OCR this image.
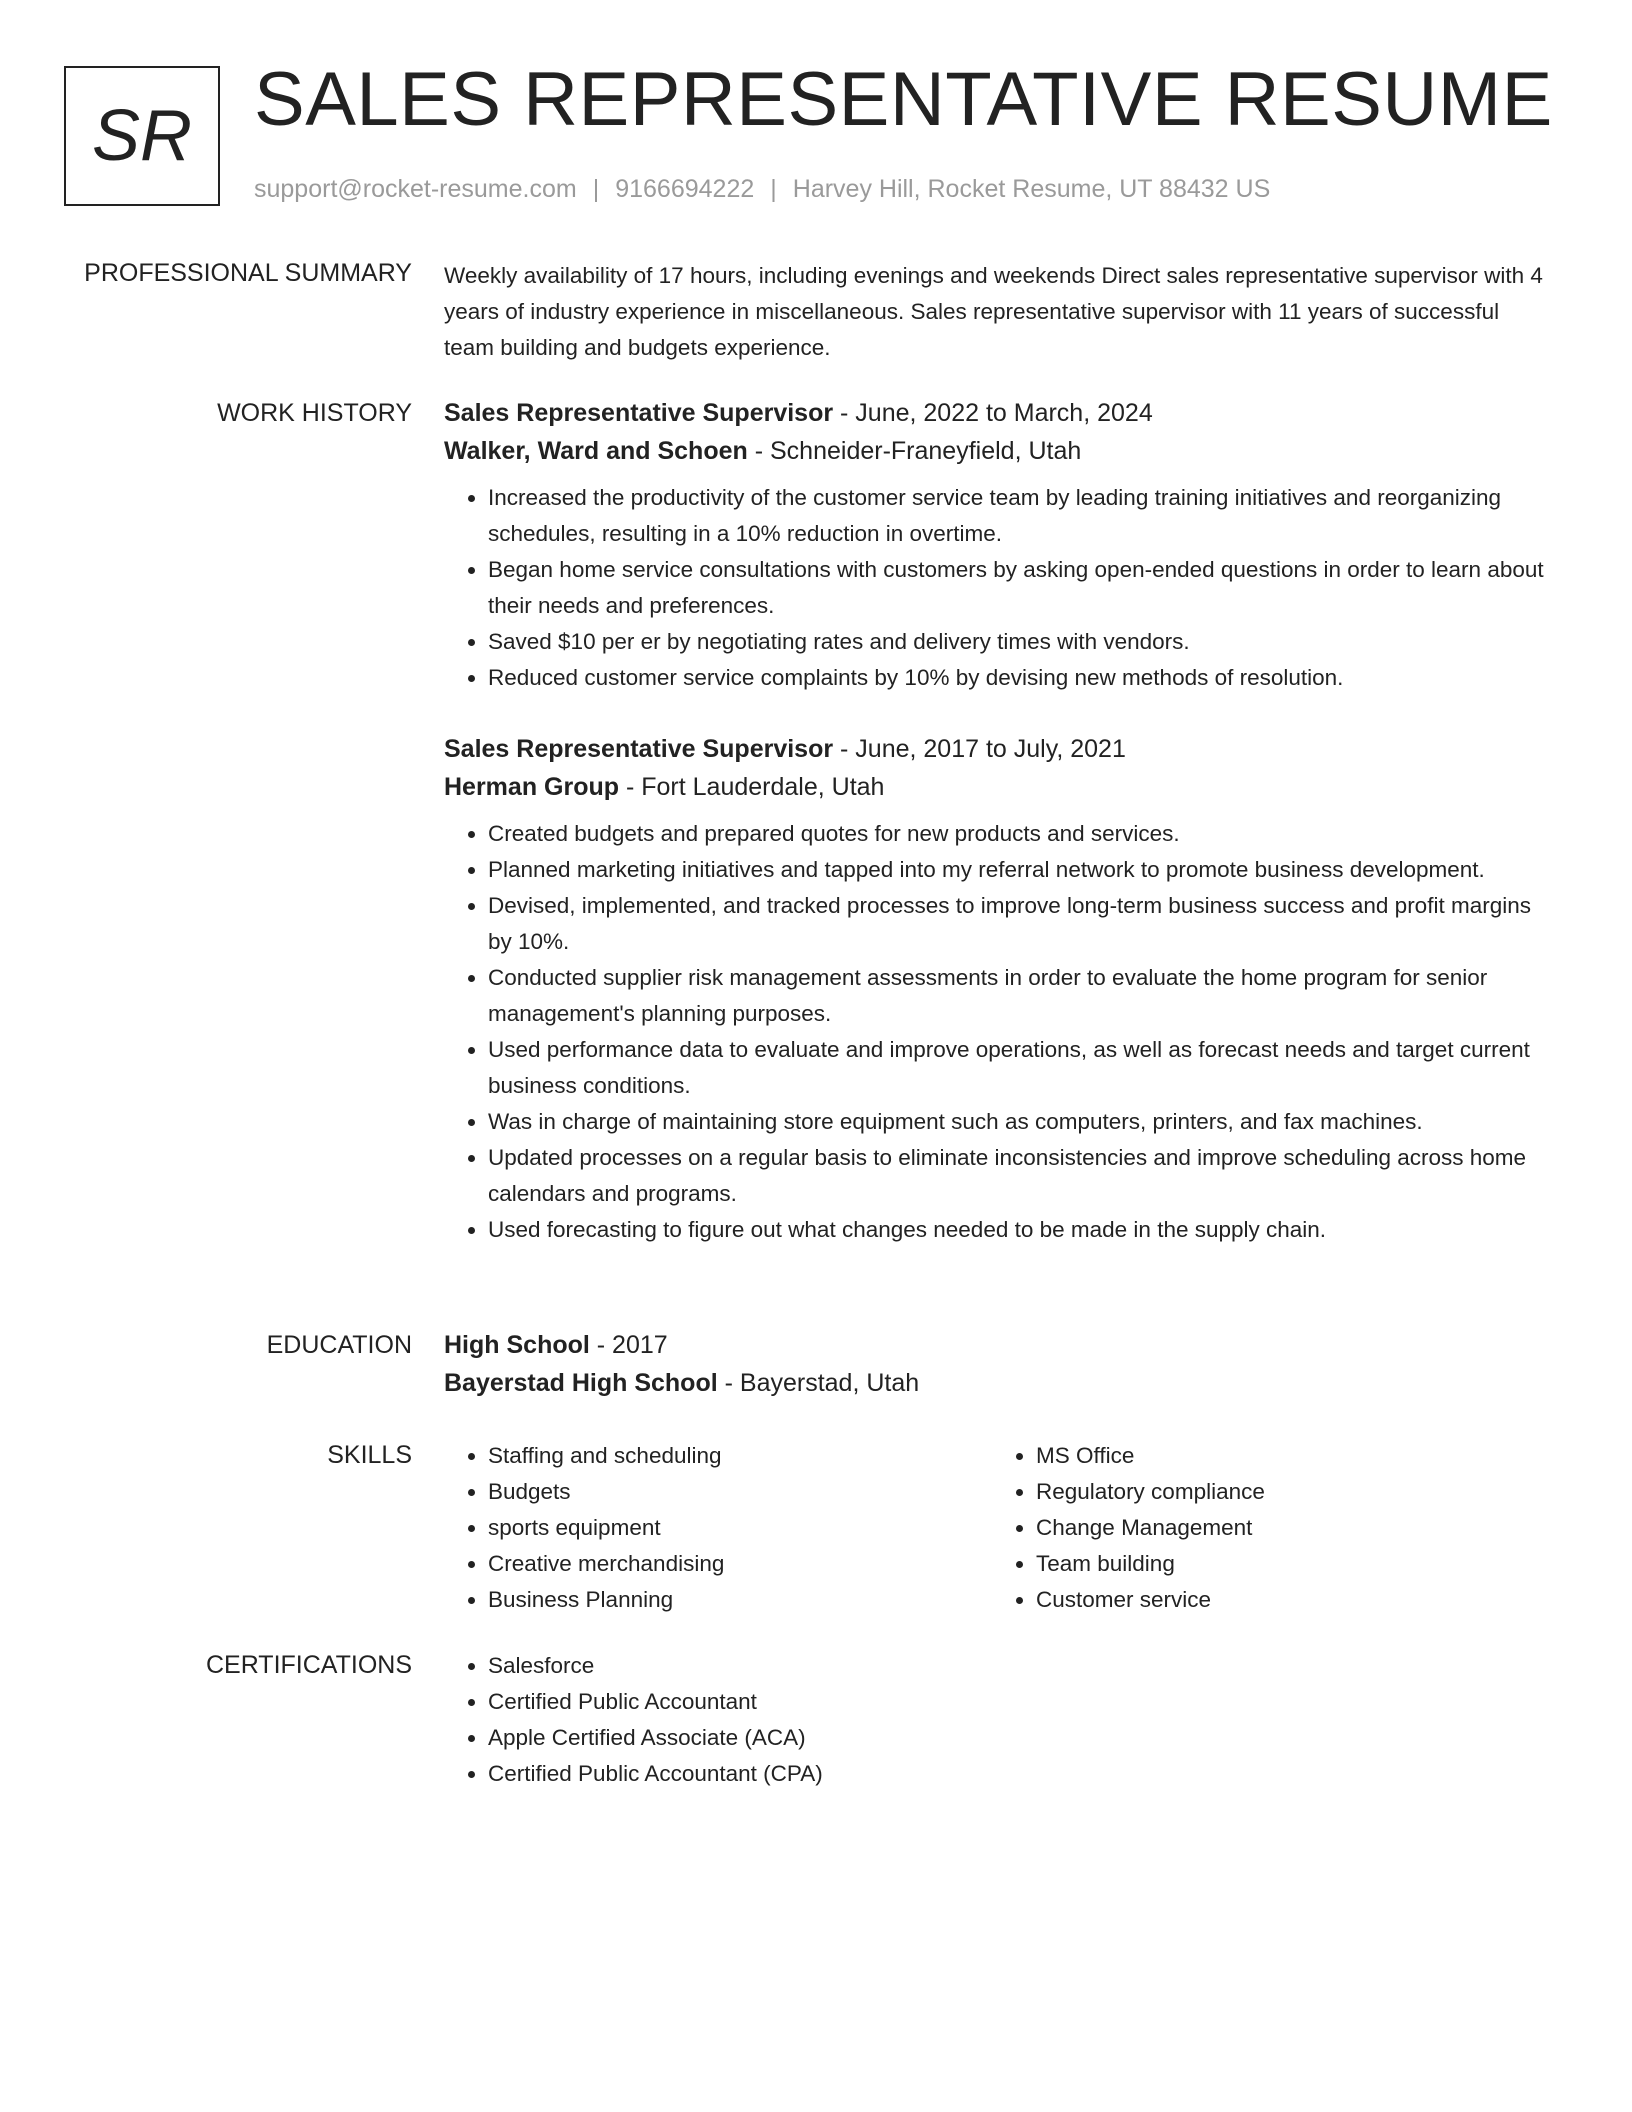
SR SALES REPRESENTATIVE RESUME
support@rocket-resume.com | 9166694222 | Harvey Hill, Rocket Resume, UT 88432 US
PROFESSIONAL SUMMARY Weekly availability of 17 hours, including evenings and weekends Direct sales representative supervisor with 4 years of industry experience in miscellaneous. Sales representative supervisor with 11 years of successful team building and budgets experience.

WORK HISTORY Sales Representative Supervisor - June, 2022 to March, 2024
Walker, Ward and Schoen - Schneider-Franeyfield, Utah
• Increased the productivity of the customer service team by leading training initiatives and reorganizing schedules, resulting in a 10% reduction in overtime.
• Began home service consultations with customers by asking open-ended questions in order to learn about their needs and preferences.
• Saved $10 per er by negotiating rates and delivery times with vendors.
• Reduced customer service complaints by 10% by devising new methods of resolution.
Sales Representative Supervisor - June, 2017 to July, 2021
Herman Group - Fort Lauderdale, Utah
• Created budgets and prepared quotes for new products and services.
• Planned marketing initiatives and tapped into my referral network to promote business development.
• Devised, implemented, and tracked processes to improve long-term business success and profit margins by 10%.
• Conducted supplier risk management assessments in order to evaluate the home program for senior management's planning purposes.
• Used performance data to evaluate and improve operations, as well as forecast needs and target current business conditions.
• Was in charge of maintaining store equipment such as computers, printers, and fax machines.
• Updated processes on a regular basis to eliminate inconsistencies and improve scheduling across home calendars and programs.
• Used forecasting to figure out what changes needed to be made in the supply chain.
EDUCATION High School - 2017
Bayerstad High School - Bayerstad, Utah
SKILLS	• Staffing and scheduling
• Budgets
• sports equipment
• Creative merchandising
• Business Planning
• MS Office
• Regulatory compliance
• Change Management
• Team building
• Customer service
CERTIFICATIONS	• Salesforce
• Certified Public Accountant
• Apple Certified Associate (ACA)
• Certified Public Accountant (CPA)
